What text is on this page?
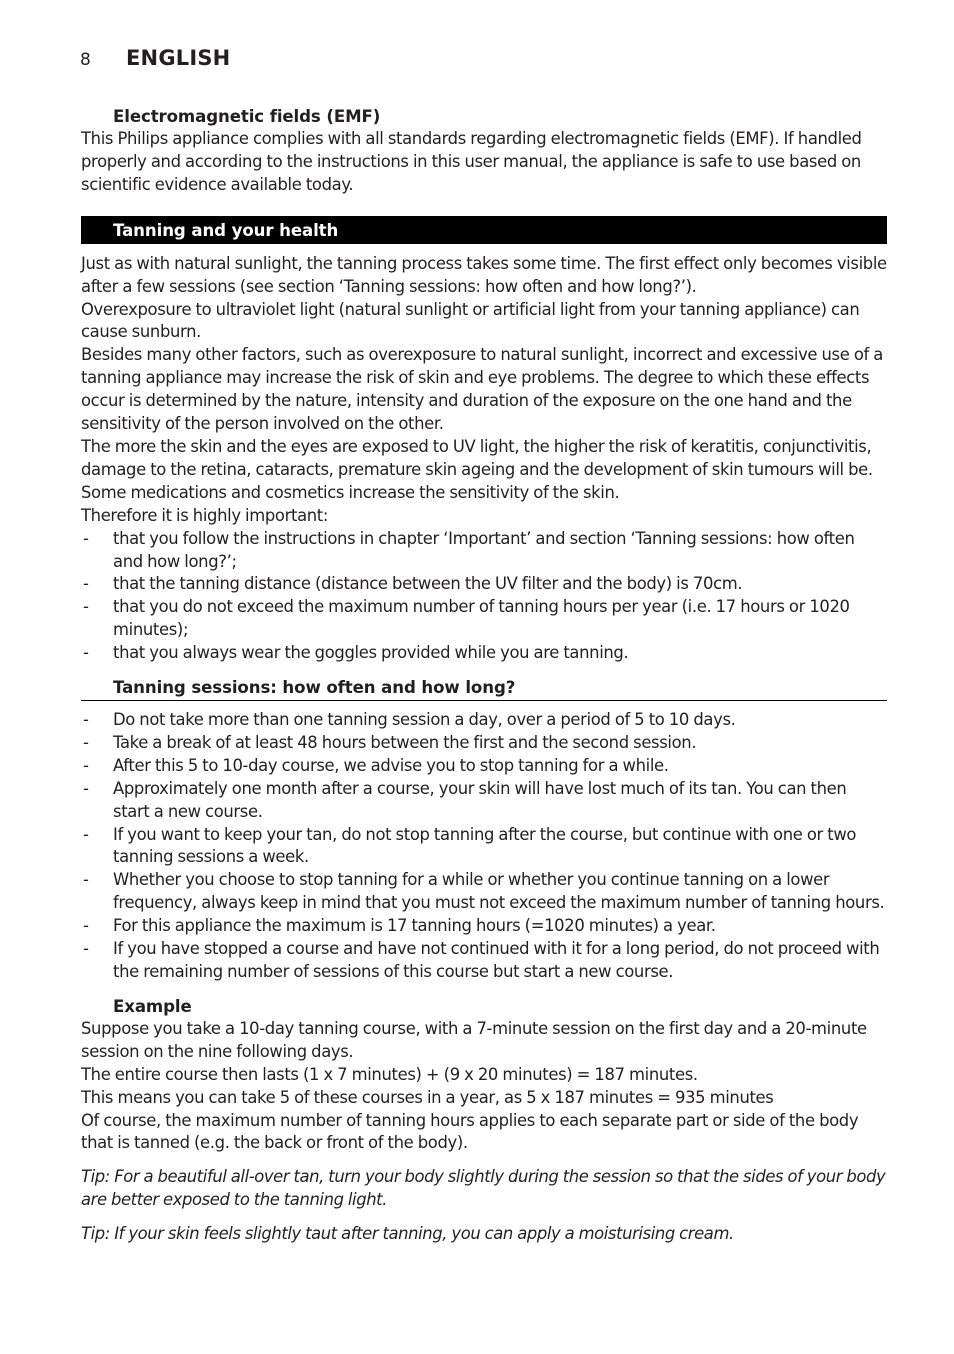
8	ENGLISH
Electromagnetic fields (EMF)

This Philips appliance complies with all standards regarding electromagnetic fields (EMF). If handled properly and according to the instructions in this user manual, the appliance is safe to use based on scientific evidence available today.

Tanning and your health

Just as with natural sunlight, the tanning process takes some time. The first effect only becomes visible after a few sessions (see section ‘Tanning sessions: how often and how long?’).

Overexposure to ultraviolet light (natural sunlight or artificial light from your tanning appliance) can cause sunburn.

Besides many other factors, such as overexposure to natural sunlight, incorrect and excessive use of a tanning appliance may increase the risk of skin and eye problems. The degree to which these effects occur is determined by the nature, intensity and duration of the exposure on the one hand and the sensitivity of the person involved on the other.

The more the skin and the eyes are exposed to UV light, the higher the risk of keratitis, conjunctivitis, damage to the retina, cataracts, premature skin ageing and the development of skin tumours will be. Some medications and cosmetics increase the sensitivity of the skin.

Therefore it is highly important:

- that you follow the instructions in chapter ‘Important’ and section ‘Tanning sessions: how often and how long?’;
- that the tanning distance (distance between the UV filter and the body) is 70cm.
- that you do not exceed the maximum number of tanning hours per year (i.e. 17 hours or 1020 minutes);
- that you always wear the goggles provided while you are tanning.
Tanning sessions: how often and how long?
- Do not take more than one tanning session a day, over a period of 5 to 10 days.
- Take a break of at least 48 hours between the first and the second session.
- After this 5 to 10-day course, we advise you to stop tanning for a while.
- Approximately one month after a course, your skin will have lost much of its tan. You can then start a new course.
- If you want to keep your tan, do not stop tanning after the course, but continue with one or two tanning sessions a week.
- Whether you choose to stop tanning for a while or whether you continue tanning on a lower frequency, always keep in mind that you must not exceed the maximum number of tanning hours.
- For this appliance the maximum is 17 tanning hours (=1020 minutes) a year.
- If you have stopped a course and have not continued with it for a long period, do not proceed with the remaining number of sessions of this course but start a new course.
Example

Suppose you take a 10-day tanning course, with a 7-minute session on the first day and a 20-minute session on the nine following days.

The entire course then lasts (1 x 7 minutes) + (9 x 20 minutes) = 187 minutes.

This means you can take 5 of these courses in a year, as 5 x 187 minutes = 935 minutes

Of course, the maximum number of tanning hours applies to each separate part or side of the body that is tanned (e.g. the back or front of the body).

Tip: For a beautiful all-over tan, turn your body slightly during the session so that the sides of your body are better exposed to the tanning light.

Tip: If your skin feels slightly taut after tanning, you can apply a moisturising cream.
